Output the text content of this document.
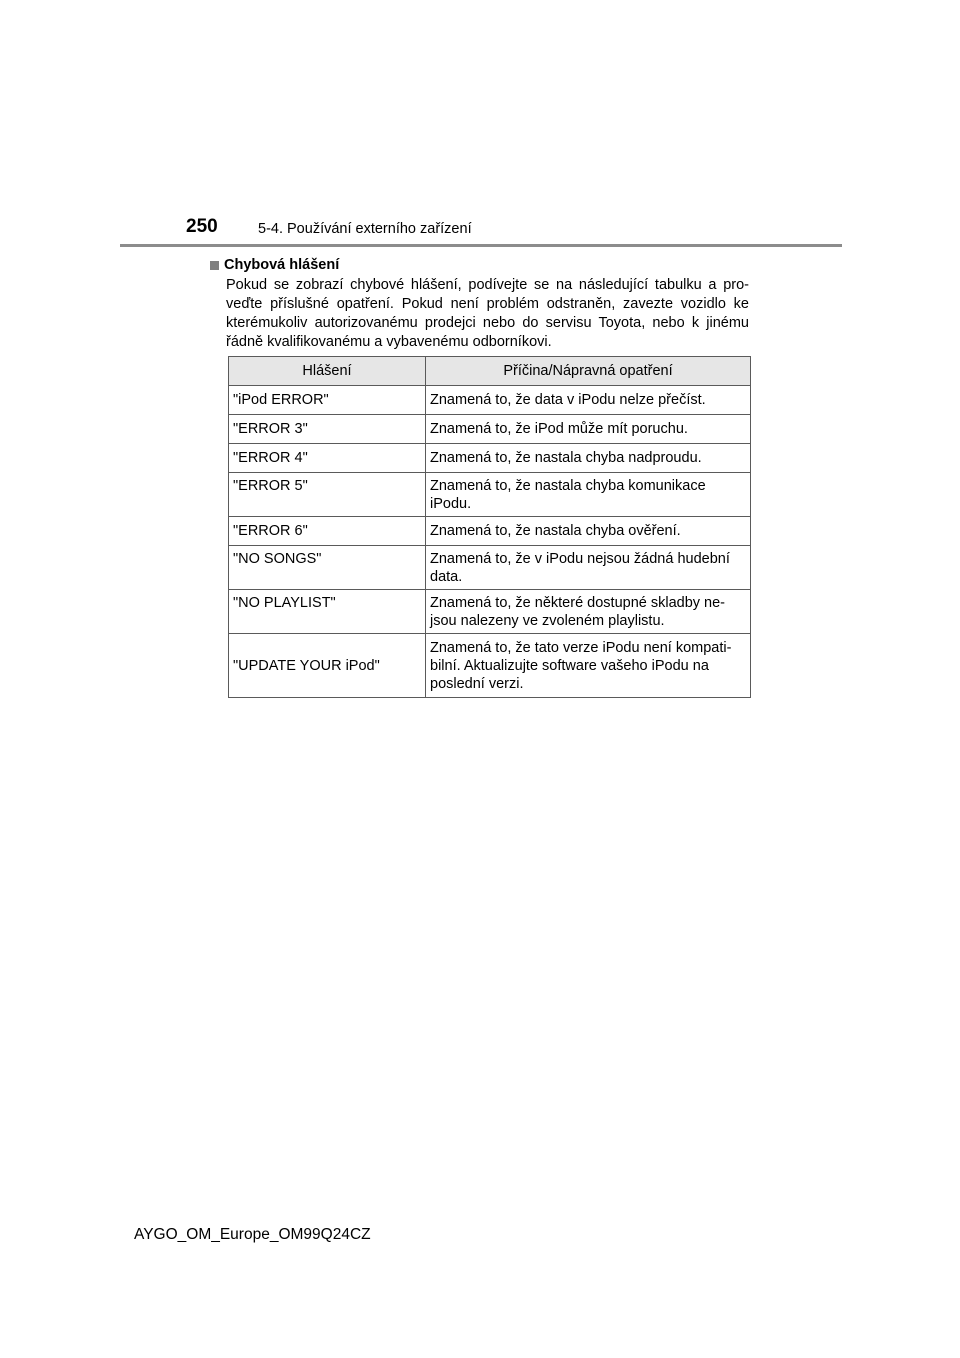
250	5-4. Používání externího zařízení
Chybová hlášení

Pokud se zobrazí chybové hlášení, podívejte se na následující tabulku a pro-veďte příslušné opatření. Pokud není problém odstraněn, zavezte vozidlo ke kterémukoliv autorizovanému prodejci nebo do servisu Toyota, nebo k jinému řádně kvalifikovanému a vybavenému odborníkovi.

Hlášení	Příčina/Nápravná opatření
"iPod ERROR"	Znamená to, že data v iPodu nelze přečíst.
"ERROR 3"	Znamená to, že iPod může mít poruchu.
"ERROR 4"	Znamená to, že nastala chyba nadproudu.
"ERROR 5"	Znamená to, že nastala chyba komunikace iPodu.
"ERROR 6"	Znamená to, že nastala chyba ověření.
"NO SONGS"	Znamená to, že v iPodu nejsou žádná hudební data.
"NO PLAYLIST"	Znamená to, že některé dostupné skladby ne-jsou nalezeny ve zvoleném playlistu.
"UPDATE YOUR iPod"	Znamená to, že tato verze iPodu není kompati-bilní. Aktualizujte software vašeho iPodu na poslední verzi.
AYGO_OM_Europe_OM99Q24CZ
